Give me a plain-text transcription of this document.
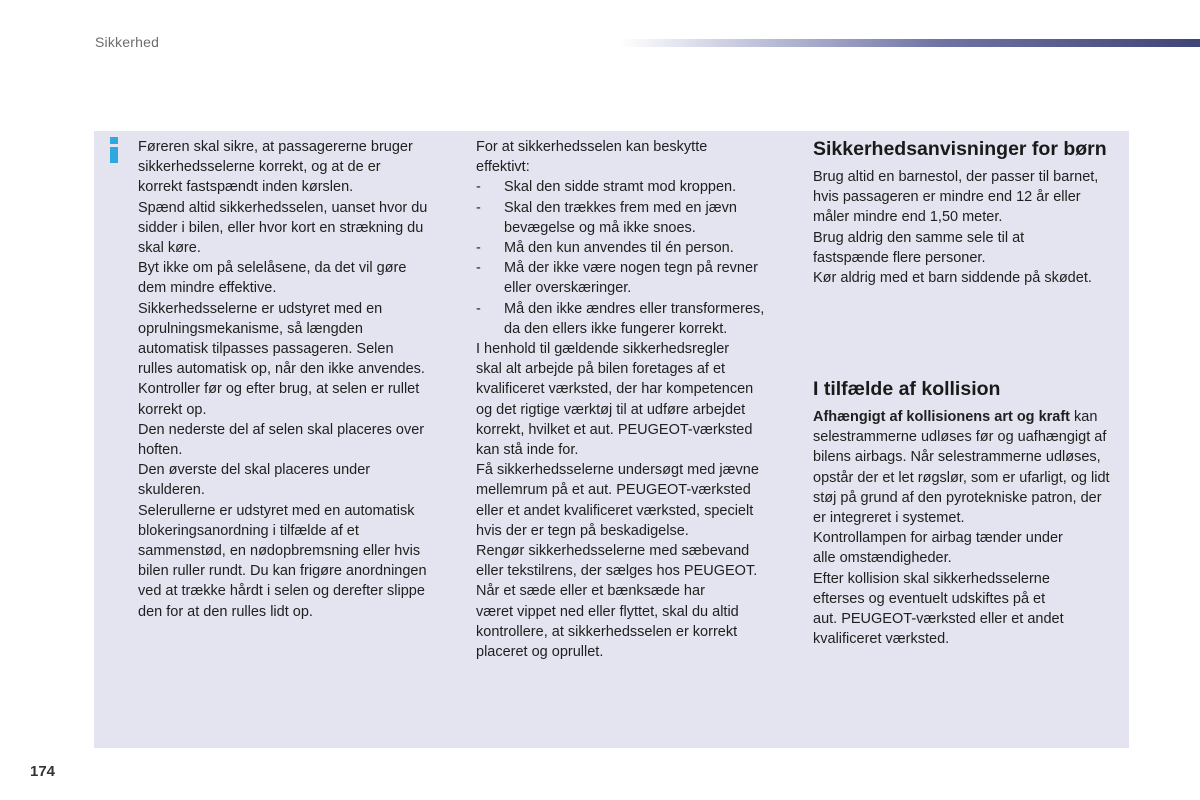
Sikkerhed

Føreren skal sikre, at passagererne bruger

sikkerhedsselerne korrekt, og at de er

korrekt fastspændt inden kørslen.

Spænd altid sikkerhedsselen, uanset hvor du

sidder i bilen, eller hvor kort en strækning du

skal køre.

Byt ikke om på selelåsene, da det vil gøre

dem mindre effektive.

Sikkerhedsselerne er udstyret med en

oprulningsmekanisme, så længden

automatisk tilpasses passageren. Selen

rulles automatisk op, når den ikke anvendes.

Kontroller før og efter brug, at selen er rullet

korrekt op.

Den nederste del af selen skal placeres over

hoften.

Den øverste del skal placeres under

skulderen.

Selerullerne er udstyret med en automatisk

blokeringsanordning i tilfælde af et

sammenstød, en nødopbremsning eller hvis

bilen ruller rundt. Du kan frigøre anordningen

ved at trække hårdt i selen og derefter slippe

den for at den rulles lidt op.

For at sikkerhedsselen kan beskytte

effektivt:

-	Skal den sidde stramt mod kroppen.
-	Skal den trækkes frem med en jævn
bevægelse og må ikke snoes.
-	Må den kun anvendes til én person.
-	Må der ikke være nogen tegn på revner
eller overskæringer.
-	Må den ikke ændres eller transformeres,
da den ellers ikke fungerer korrekt.

I henhold til gældende sikkerhedsregler

skal alt arbejde på bilen foretages af et

kvalificeret værksted, der har kompetencen

og det rigtige værktøj til at udføre arbejdet

korrekt, hvilket et aut. PEUGEOT-værksted

kan stå inde for.

Få sikkerhedsselerne undersøgt med jævne

mellemrum på et aut. PEUGEOT-værksted

eller et andet kvalificeret værksted, specielt

hvis der er tegn på beskadigelse.

Rengør sikkerhedsselerne med sæbevand

eller tekstilrens, der sælges hos PEUGEOT.

Når et sæde eller et bænksæde har

været vippet ned eller flyttet, skal du altid

kontrollere, at sikkerhedsselen er korrekt

placeret og oprullet.

Sikkerhedsanvisninger for børn

Brug altid en barnestol, der passer til barnet,

hvis passageren er mindre end 12 år eller

måler mindre end 1,50 meter.

Brug aldrig den samme sele til at

fastspænde flere personer.

Kør aldrig med et barn siddende på skødet.

I tilfælde af kollision

Afhængigt af kollisionens art og kraft kan

selestrammerne udløses før og uafhængigt af

bilens airbags. Når selestrammerne udløses,

opstår der et let røgslør, som er ufarligt, og lidt

støj på grund af den pyrotekniske patron, der

er integreret i systemet.

Kontrollampen for airbag tænder under

alle omstændigheder.

Efter kollision skal sikkerhedsselerne

efterses og eventuelt udskiftes på et

aut. PEUGEOT-værksted eller et andet

kvalificeret værksted.

174
